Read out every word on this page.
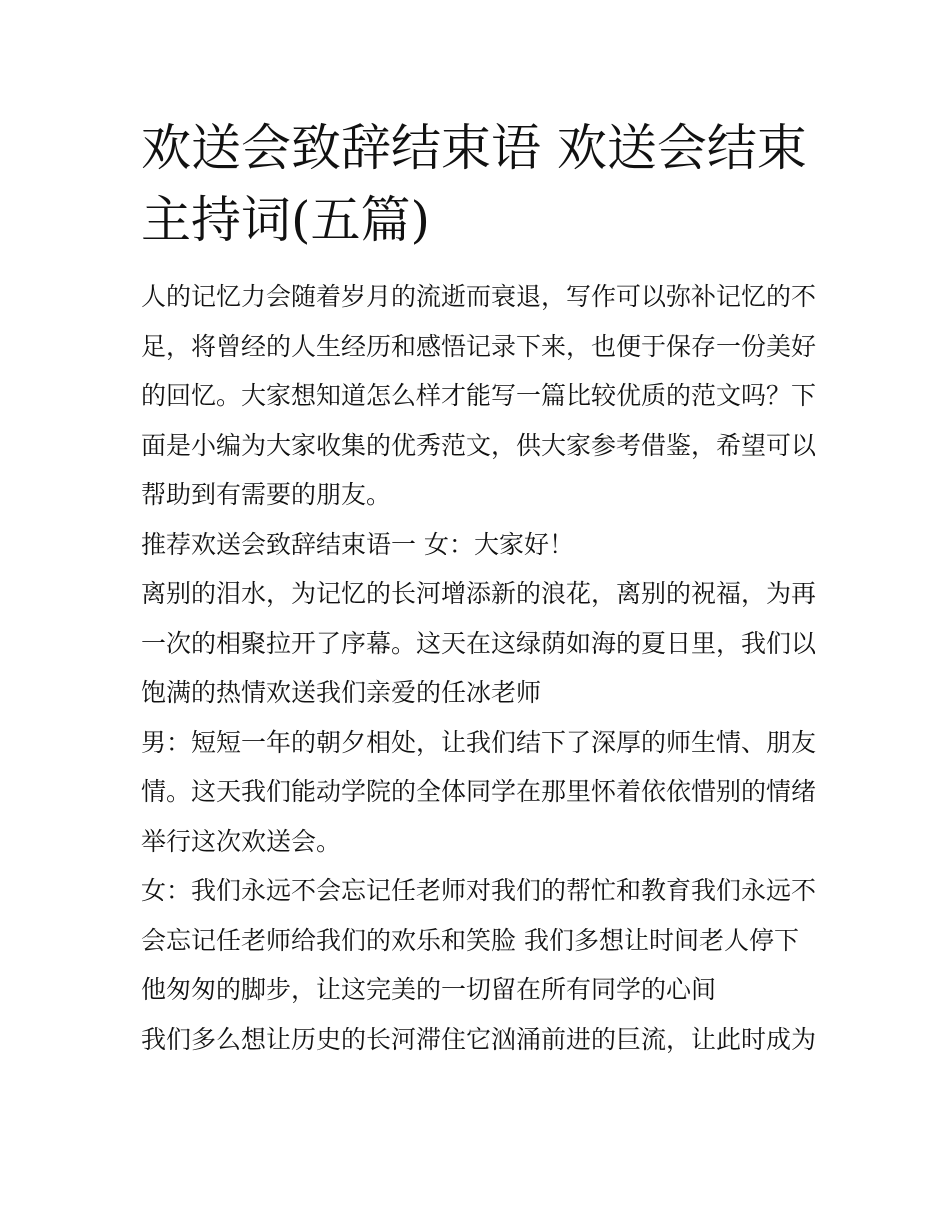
欢送会致辞结束语 欢送会结束
主持词(五篇)

人的记忆力会随着岁月的流逝而衰退，写作可以弥补记忆的不
足，将曾经的人生经历和感悟记录下来，也便于保存一份美好
的回忆。大家想知道怎么样才能写一篇比较优质的范文吗？下
面是小编为大家收集的优秀范文，供大家参考借鉴，希望可以
帮助到有需要的朋友。

推荐欢送会致辞结束语一 女：大家好！

离别的泪水，为记忆的长河增添新的浪花，离别的祝福，为再
一次的相聚拉开了序幕。这天在这绿荫如海的夏日里，我们以
饱满的热情欢送我们亲爱的任冰老师

男：短短一年的朝夕相处，让我们结下了深厚的师生情、朋友
情。这天我们能动学院的全体同学在那里怀着依依惜别的情绪
举行这次欢送会。

女：我们永远不会忘记任老师对我们的帮忙和教育我们永远不
会忘记任老师给我们的欢乐和笑脸 我们多想让时间老人停下
他匆匆的脚步，让这完美的一切留在所有同学的心间

我们多么想让历史的长河滞住它汹涌前进的巨流，让此时成为
